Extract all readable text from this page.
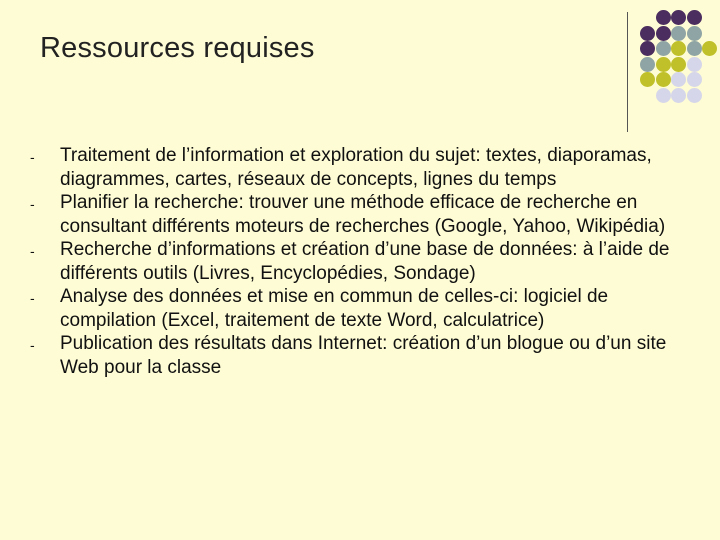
Ressources requises
- Traitement de l’information et exploration du sujet: textes, diaporamas, diagrammes, cartes, réseaux de concepts, lignes du temps
- Planifier la recherche: trouver une méthode efficace de recherche en consultant différents moteurs de recherches (Google, Yahoo, Wikipédia)
- Recherche d’informations et création d’une base de données: à l’aide de différents outils (Livres, Encyclopédies, Sondage)
- Analyse des données et mise en commun de celles-ci: logiciel de compilation (Excel, traitement de texte Word, calculatrice)
- Publication des résultats dans Internet: création d’un blogue ou d’un site Web pour la classe
